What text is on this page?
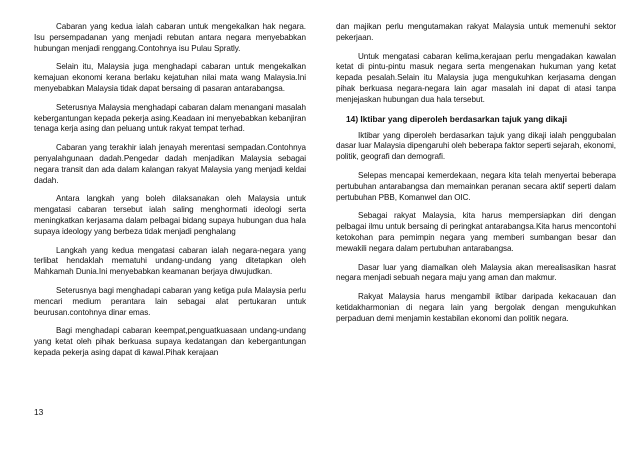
Cabaran yang kedua ialah cabaran untuk mengekalkan hak negara. Isu persempadanan yang menjadi rebutan antara negara menyebabkan hubungan menjadi renggang.Contohnya isu Pulau Spratly.

Selain itu, Malaysia juga menghadapi cabaran untuk mengekalkan kemajuan ekonomi kerana berlaku kejatuhan nilai mata wang Malaysia.Ini menyebabkan Malaysia tidak dapat bersaing di pasaran antarabangsa.

Seterusnya Malaysia menghadapi cabaran dalam menangani masalah kebergantungan kepada pekerja asing.Keadaan ini menyebabkan kebanjiran tenaga kerja asing dan peluang untuk rakyat tempat terhad.

Cabaran yang terakhir ialah jenayah merentasi sempadan.Contohnya penyalahgunaan dadah.Pengedar dadah menjadikan Malaysia sebagai negara transit dan ada dalam kalangan rakyat Malaysia yang menjadi keldai dadah.

Antara langkah yang boleh dilaksanakan oleh Malaysia untuk mengatasi cabaran tersebut ialah saling menghormati ideologi serta meningkatkan kerjasama dalam pelbagai bidang supaya hubungan dua hala supaya ideology yang berbeza tidak menjadi penghalang

Langkah yang kedua mengatasi cabaran ialah negara-negara yang terlibat hendaklah mematuhi undang-undang yang ditetapkan oleh Mahkamah Dunia.Ini menyebabkan keamanan berjaya diwujudkan.

Seterusnya bagi menghadapi cabaran yang ketiga pula Malaysia perlu mencari medium perantara lain sebagai alat pertukaran untuk beurusan.contohnya dinar emas.

Bagi menghadapi cabaran keempat,penguatkuasaan undang-undang yang ketat oleh pihak berkuasa supaya kedatangan dan kebergantungan kepada pekerja asing dapat di kawal.Pihak kerajaan

dan majikan perlu mengutamakan rakyat Malaysia untuk memenuhi sektor pekerjaan.

Untuk mengatasi cabaran kelima,kerajaan perlu mengadakan kawalan ketat di pintu-pintu masuk negara serta mengenakan hukuman yang ketat kepada pesalah.Selain itu Malaysia juga mengukuhkan kerjasama dengan pihak berkuasa negara-negara lain agar masalah ini dapat di atasi tanpa menjejaskan hubungan dua hala tersebut.

14) Iktibar yang diperoleh berdasarkan tajuk yang dikaji

Iktibar yang diperoleh berdasarkan tajuk yang dikaji ialah penggubalan dasar luar Malaysia dipengaruhi oleh beberapa faktor seperti sejarah, ekonomi, politik, geografi dan demografi.

Selepas mencapai kemerdekaan, negara kita telah menyertai beberapa pertubuhan antarabangsa dan memainkan peranan secara aktif seperti dalam pertubuhan PBB, Komanwel dan OIC.

Sebagai rakyat Malaysia, kita harus mempersiapkan diri dengan pelbagai ilmu untuk bersaing di peringkat antarabangsa.Kita harus mencontohi ketokohan para pemimpin negara yang memberi sumbangan besar dan mewakili negara dalam pertubuhan antarabangsa.

Dasar luar yang diamalkan oleh Malaysia akan merealisasikan hasrat negara menjadi sebuah negara maju yang aman dan makmur.

Rakyat Malaysia harus mengambil iktibar daripada kekacauan dan ketidakharmonian di negara lain yang bergolak dengan mengukuhkan perpaduan demi menjamin kestabilan ekonomi dan politik negara.

13
